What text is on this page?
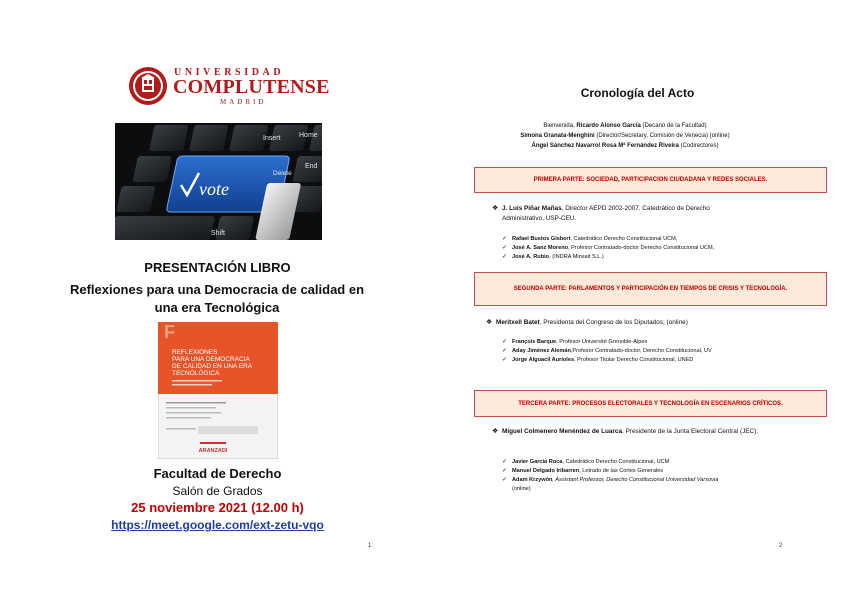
UNIVERSIDAD
COMPLUTENSE
MADRID
Insert	Home
End
Delete
Shift
vote
PRESENTACIÓN LIBRO
Reflexiones para una Democracia de calidad en una era Tecnológica
F
REFLEXIONES
PARA UNA DEMOCRACIA
DE CALIDAD EN UNA ERA
TECNOLÓGICA
ARANZADI
Facultad de Derecho
Salón de Grados
25 noviembre 2021 (12.00 h)
https://meet.google.com/ext-zetu-vqo
1
Cronología del Acto
Bienvenida, Ricardo Alonso García (Decano de la Facultad)
Simona Granata-Menghini (Director/Secretary, Comisión de Venecia) (online)
Ángel Sánchez Navarro/ Rosa Mª Fernández Riveira (Codirectores)
PRIMERA PARTE: SOCIEDAD, PARTICIPACION CIUDADANA Y REDES SOCIALES.
❖ J. Luis Piñar Mañas, Director AEPD 2002-2007. Catedrático de Derecho Administrativo, USP-CEU.
✓ Rafael Bustos Gisbert, Catedrático Derecho Constitucional UCM,
✓ José A. Sanz Moreno, Profesor Contratado-doctor Derecho Constitucional UCM,
✓ José A. Rubio, (INDRA Minsait S.L.)
SEGUNDA PARTE: PARLAMENTOS Y PARTICIPACIÓN EN TIEMPOS DE CRISIS Y TECNOLOGÍA.
❖ Meritxell Batet, Presidenta del Congreso de los Diputados; (online)
✓ François Barque, Profesor Université Grenoble-Alpes
✓ Aday Jiménez Alemán,Profesor Contratado-doctor, Derecho Constitucional, UV
✓ Jorge Alguacil Aurioles, Profesor Titular Derecho Constitucional, UNED
TERCERA PARTE: PROCESOS ELECTORALES Y TECNOLOGÍA EN ESCENARIOS CRÍTICOS.
❖ Miguel Colmenero Menéndez de Luarca, Presidente de la Junta Electoral Central (JEC);
✓ Javier García Roca, Catedrático Derecho Constitucional, UCM
✓ Manuel Delgado Iribarren, Letrado de las Cortes Generales
✓ Adam Krzywón, Assistant Professor, Derecho Constitucional Universidad Varsovia
(online)
2
